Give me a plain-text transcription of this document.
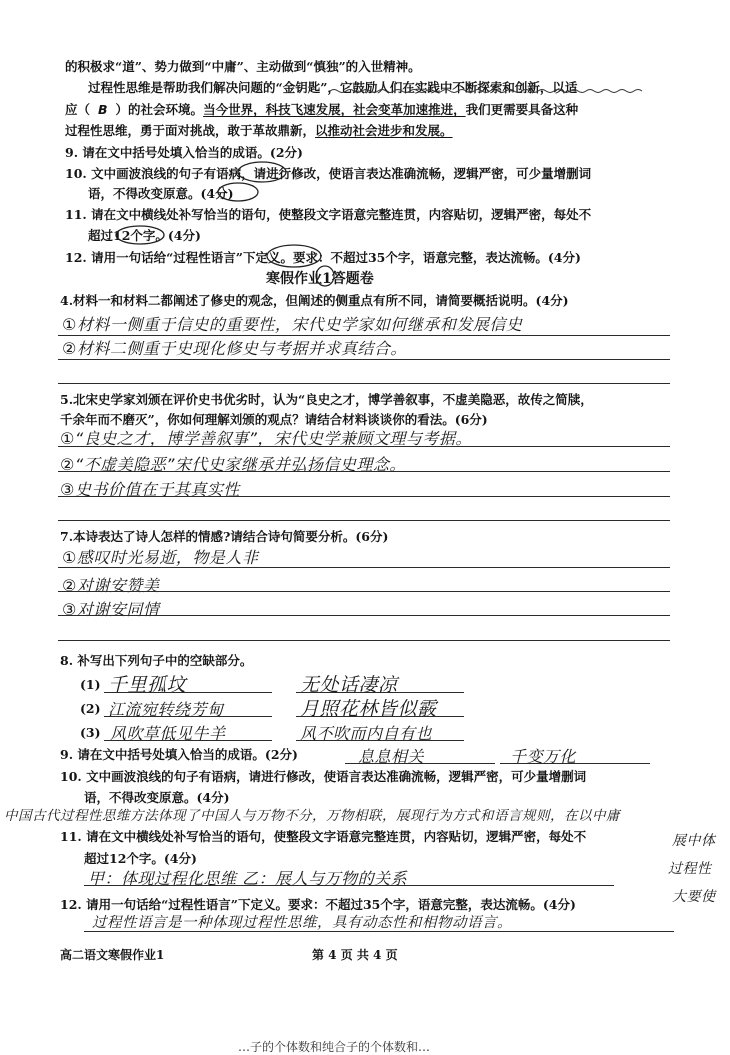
的积极求“道”、势力做到“中庸”、主动做到“慎独”的入世精神。
过程性思维是帮助我们解决问题的“金钥匙”，它鼓励人们在实践中不断探索和创新，以适
应（ B ）的社会环境。当今世界，科技飞速发展，社会变革加速推进，我们更需要具备这种
过程性思维，勇于面对挑战，敢于革故鼎新，以推动社会进步和发展。
9. 请在文中括号处填入恰当的成语。(2分)
10. 文中画波浪线的句子有语病，请进行修改，使语言表达准确流畅，逻辑严密，可少量增删词
语，不得改变原意。(4分)
11. 请在文中横线处补写恰当的语句，使整段文字语意完整连贯，内容贴切，逻辑严密，每处不
超过12个字。(4分)
12. 请用一句话给“过程性语言”下定义。要求：不超过35个字，语意完整，表达流畅。(4分)
寒假作业1答题卷
4.材料一和材料二都阐述了修史的观念，但阐述的侧重点有所不同，请简要概括说明。(4分)
①材料一侧重于信史的重要性，宋代史学家如何继承和发展信史
②材料二侧重于史现化修史与考据并求真结合。
5.北宋史学家刘颁在评价史书优劣时，认为“良史之才，博学善叙事，不虚美隐恶，故传之简牍，
千余年而不磨灭”，你如何理解刘颁的观点？请结合材料谈谈你的看法。(6分)
①“良史之才，博学善叙事”，宋代史学兼顾文理与考据。
②“不虚美隐恶”宋代史家继承并弘扬信史理念。
③史书价值在于其真实性
7.本诗表达了诗人怎样的情感?请结合诗句简要分析。(6分)
①感叹时光易逝，物是人非
②对谢安赞美
③对谢安同情
8. 补写出下列句子中的空缺部分。
(1) 千里孤坟	无处话凄凉
(2) 江流宛转绕芳甸	月照花林皆似霰
(3) 风吹草低见牛羊	风不吹而内自有也
9. 请在文中括号处填入恰当的成语。(2分)	息息相关	千变万化
10. 文中画波浪线的句子有语病，请进行修改，使语言表达准确流畅，逻辑严密，可少量增删词
语，不得改变原意。(4分)
中国古代过程性思维方法体现了中国人与万物不分，万物相联，展现行为方式和语言规则，在以中庸
11. 请在文中横线处补写恰当的语句，使整段文字语意完整连贯，内容贴切，逻辑严密，每处不
超过12个字。(4分)
甲：体现过程化思维 乙：展人与万物的关系
展中体
过程性
大要使
12. 请用一句话给“过程性语言”下定义。要求：不超过35个字，语意完整，表达流畅。(4分)
过程性语言是一种体现过程性思维，具有动态性和相物动语言。
高二语文寒假作业1	第 4 页 共 4 页
…子的个体数和纯合子的个体数和…
